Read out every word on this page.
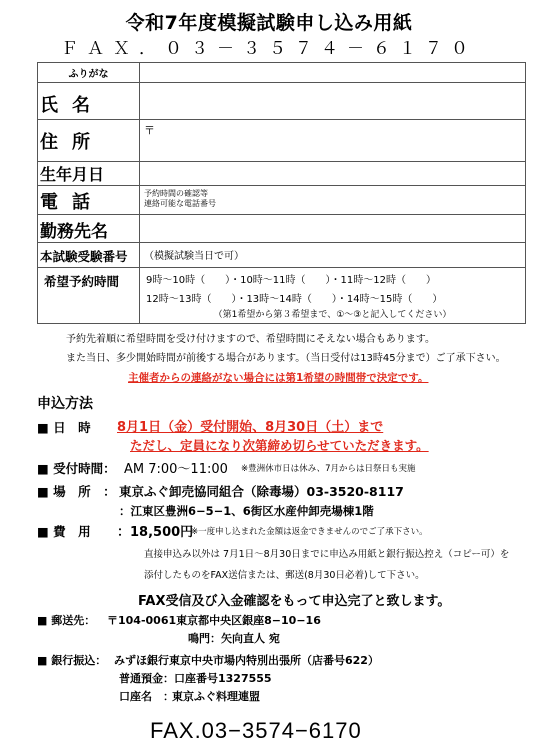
令和7年度模擬試験申し込み用紙
ＦＡＸ．０３－３５７４－６１７０
ふりがな	

氏名	

住所	〒

生年月日	

電話	予約時間の確認等
連絡可能な電話番号

勤務先名	

本試験受験番号	（模擬試験当日で可）

希望予約時間	9時～10時（　　）・10時～11時（　　）・11時～12時（　　）
12時～13時（　　）・13時～14時（　　）・14時～15時（　　）
（第1希望から第３希望まで、①～③と記入してください）
予約先着順に希望時間を受け付けますので、希望時間にそえない場合もあります。
また当日、多少開始時間が前後する場合があります。（当日受付は13時45分まで）ご了承下さい。
主催者からの連絡がない場合には第1希望の時間帯で決定です。
申込方法
■ 日　時 8月1日（金）受付開始、8月30日（土）まで
ただし、定員になり次第締め切らせていただきます。
■ 受付時間： AM 7:00～11:00 ※豊洲休市日は休み、7月からは日祭日も実施
■ 場　所　： 東京ふぐ卸売協同組合（除毒場）03-3520-8117
：江東区豊洲6−5−1、6街区水産仲卸売場棟1階
■ 費　用 ：18,500円
※一度申し込まれた金額は返金できませんのでご了承下さい。
直接申込み以外は 7月1日～8月30日までに申込み用紙と銀行振込控え（コピー可）を
添付したものをFAX送信または、郵送(8月30日必着)して下さい。
FAX受信及び入金確認をもって申込完了と致します。
■ 郵送先： 〒104-0061東京都中央区銀座8−10−16
鳴門：矢向直人 宛
■ 銀行振込： みずほ銀行東京中央市場内特別出張所（店番号622）
普通預金： 口座番号1327555
口座名　：
東京ふぐ料理連盟
FAX.03−3574−6170
